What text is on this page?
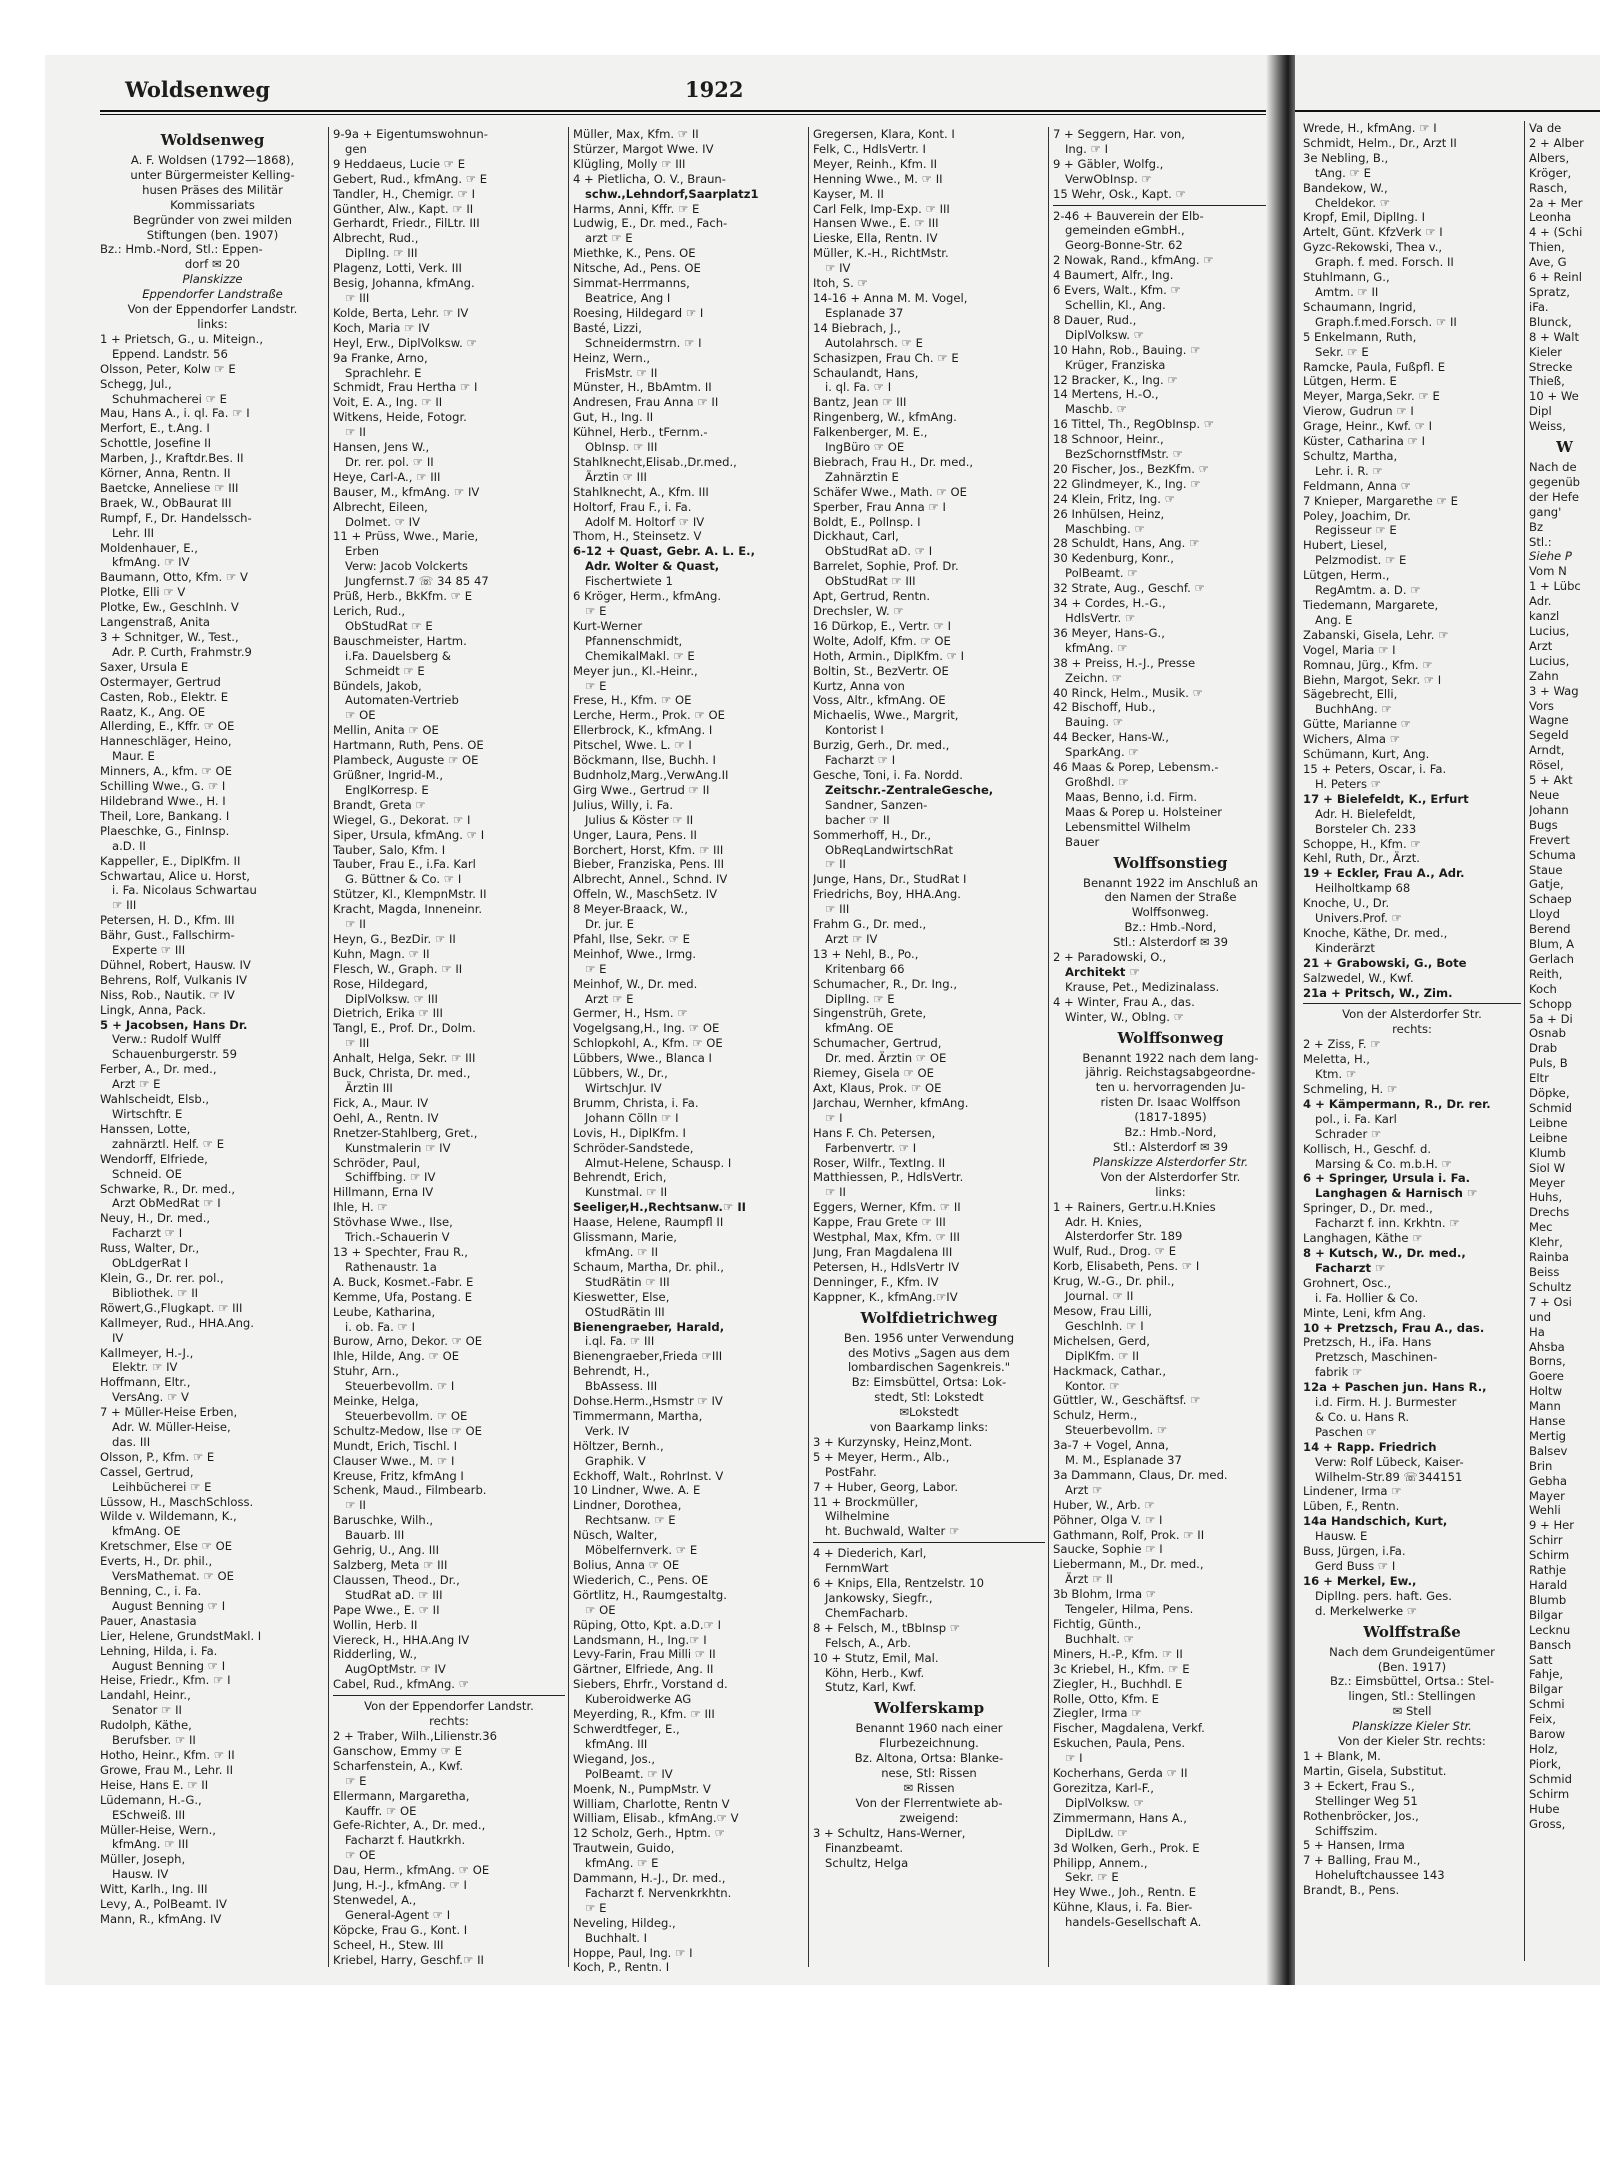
Woldsenweg	1922
Woldsenweg
A. F. Woldsen (1792—1868),
unter Bürgermeister Kelling-
husen Präses des Militär
Kommissariats
Begründer von zwei milden
Stiftungen (ben. 1907)
Bz.: Hmb.-Nord, Stl.: Eppen-
dorf ✉ 20
Planskizze
Eppendorfer Landstraße
Von der Eppendorfer Landstr.
links:
1 + Prietsch, G., u. Miteign.,
Eppend. Landstr. 56
Olsson, Peter, Kolw ☞ E
Schegg, Jul.,
Schuhmacherei ☞ E
Mau, Hans A., i. ql. Fa. ☞ I
Merfort, E., t.Ang. I
Schottle, Josefine II
Marben, J., Kraftdr.Bes. II
Körner, Anna, Rentn. II
Baetcke, Anneliese ☞ III
Braek, W., ObBaurat III
Rumpf, F., Dr. Handelssch-
Lehr. III
Moldenhauer, E.,
kfmAng. ☞ IV
Baumann, Otto, Kfm. ☞ V
Plotke, Elli ☞ V
Plotke, Ew., GeschInh. V
Langenstraß, Anita
3 + Schnitger, W., Test.,
Adr. P. Curth, Frahmstr.9
Saxer, Ursula E
Ostermayer, Gertrud
Casten, Rob., Elektr. E
Raatz, K., Ang. OE
Allerding, E., Kffr. ☞ OE
Hanneschläger, Heino,
Maur. E
Minners, A., kfm. ☞ OE
Schilling Wwe., G. ☞ I
Hildebrand Wwe., H. I
Theil, Lore, Bankang. I
Plaeschke, G., FinInsp.
a.D. II
Kappeller, E., DiplKfm. II
Schwartau, Alice u. Horst,
i. Fa. Nicolaus Schwartau
☞ III
Petersen, H. D., Kfm. III
Bähr, Gust., Fallschirm-
Experte ☞ III
Dühnel, Robert, Hausw. IV
Behrens, Rolf, Vulkanis IV
Niss, Rob., Nautik. ☞ IV
Lingk, Anna, Pack.
5 + Jacobsen, Hans Dr.
Verw.: Rudolf Wulff
Schauenburgerstr. 59
Ferber, A., Dr. med.,
Arzt ☞ E
Wahlscheidt, Elsb.,
Wirtschftr. E
Hanssen, Lotte,
zahnärztl. Helf. ☞ E
Wendorff, Elfriede,
Schneid. OE
Schwarke, R., Dr. med.,
Arzt ObMedRat ☞ I
Neuy, H., Dr. med.,
Facharzt ☞ I
Russ, Walter, Dr.,
ObLdgerRat I
Klein, G., Dr. rer. pol.,
Bibliothek. ☞ II
Röwert,G.,Flugkapt. ☞ III
Kallmeyer, Rud., HHA.Ang.
IV
Kallmeyer, H.-J.,
Elektr. ☞ IV
Hoffmann, Eltr.,
VersAng. ☞ V
7 + Müller-Heise Erben,
Adr. W. Müller-Heise,
das. III
Olsson, P., Kfm. ☞ E
Cassel, Gertrud,
Leihbücherei ☞ E
Lüssow, H., MaschSchloss.
Wilde v. Wildemann, K.,
kfmAng. OE
Kretschmer, Else ☞ OE
Everts, H., Dr. phil.,
VersMathemat. ☞ OE
Benning, C., i. Fa.
August Benning ☞ I
Pauer, Anastasia
Lier, Helene, GrundstMakl. I
Lehning, Hilda, i. Fa.
August Benning ☞ I
Heise, Friedr., Kfm. ☞ I
Landahl, Heinr.,
Senator ☞ II
Rudolph, Käthe,
Berufsber. ☞ II
Hotho, Heinr., Kfm. ☞ II
Growe, Frau M., Lehr. II
Heise, Hans E. ☞ II
Lüdemann, H.-G.,
ESchweiß. III
Müller-Heise, Wern.,
kfmAng. ☞ III
Müller, Joseph,
Hausw. IV
Witt, Karlh., Ing. III
Levy, A., PolBeamt. IV
Mann, R., kfmAng. IV
9-9a + Eigentumswohnun-
gen
9 Heddaeus, Lucie ☞ E
Gebert, Rud., kfmAng. ☞ E
Tandler, H., Chemigr. ☞ I
Günther, Alw., Kapt. ☞ II
Gerhardt, Friedr., FilLtr. III
Albrecht, Rud.,
DiplIng. ☞ III
Plagenz, Lotti, Verk. III
Besig, Johanna, kfmAng.
☞ III
Kolde, Berta, Lehr. ☞ IV
Koch, Maria ☞ IV
Heyl, Erw., DiplVolksw. ☞
9a Franke, Arno,
Sprachlehr. E
Schmidt, Frau Hertha ☞ I
Voit, E. A., Ing. ☞ II
Witkens, Heide, Fotogr.
☞ II
Hansen, Jens W.,
Dr. rer. pol. ☞ II
Heye, Carl-A., ☞ III
Bauser, M., kfmAng. ☞ IV
Albrecht, Eileen,
Dolmet. ☞ IV
11 + Prüss, Wwe., Marie,
Erben
Verw: Jacob Volckerts
Jungfernst.7 ☏ 34 85 47
Prüß, Herb., BkKfm. ☞ E
Lerich, Rud.,
ObStudRat ☞ E
Bauschmeister, Hartm.
i.Fa. Dauelsberg &
Schmeidt ☞ E
Bündels, Jakob,
Automaten-Vertrieb
☞ OE
Mellin, Anita ☞ OE
Hartmann, Ruth, Pens. OE
Plambeck, Auguste ☞ OE
Grüßner, Ingrid-M.,
EnglKorresp. E
Brandt, Greta ☞
Wiegel, G., Dekorat. ☞ I
Siper, Ursula, kfmAng. ☞ I
Tauber, Salo, Kfm. I
Tauber, Frau E., i.Fa. Karl
G. Büttner & Co. ☞ I
Stützer, Kl., KlempnMstr. II
Kracht, Magda, Inneneinr.
☞ II
Heyn, G., BezDir. ☞ II
Kuhn, Magn. ☞ II
Flesch, W., Graph. ☞ II
Rose, Hildegard,
DiplVolksw. ☞ III
Dietrich, Erika ☞ III
Tangl, E., Prof. Dr., Dolm.
☞ III
Anhalt, Helga, Sekr. ☞ III
Buck, Christa, Dr. med.,
Ärztin III
Fick, A., Maur. IV
Oehl, A., Rentn. IV
Rnetzer-Stahlberg, Gret.,
Kunstmalerin ☞ IV
Schröder, Paul,
Schiffbing. ☞ IV
Hillmann, Erna IV
Ihle, H. ☞
Stövhase Wwe., Ilse,
Trich.-Schauerin V
13 + Spechter, Frau R.,
Rathenaustr. 1a
A. Buck, Kosmet.-Fabr. E
Kemme, Ufa, Postang. E
Leube, Katharina,
i. ob. Fa. ☞ I
Burow, Arno, Dekor. ☞ OE
Ihle, Hilde, Ang. ☞ OE
Stuhr, Arn.,
Steuerbevollm. ☞ I
Meinke, Helga,
Steuerbevollm. ☞ OE
Schultz-Medow, Ilse ☞ OE
Mundt, Erich, Tischl. I
Clauser Wwe., M. ☞ I
Kreuse, Fritz, kfmAng I
Schenk, Maud., Filmbearb.
☞ II
Baruschke, Wilh.,
Bauarb. III
Gehrig, U., Ang. III
Salzberg, Meta ☞ III
Claussen, Theod., Dr.,
StudRat aD. ☞ III
Pape Wwe., E. ☞ II
Wollin, Herb. II
Viereck, H., HHA.Ang IV
Ridderling, W.,
AugOptMstr. ☞ IV
Cabel, Rud., kfmAng. ☞
Von der Eppendorfer Landstr.
rechts:
2 + Traber, Wilh.,Lilienstr.36
Ganschow, Emmy ☞ E
Scharfenstein, A., Kwf.
☞ E
Ellermann, Margaretha,
Kauffr. ☞ OE
Gefe-Richter, A., Dr. med.,
Facharzt f. Hautkrkh.
☞ OE
Dau, Herm., kfmAng. ☞ OE
Jung, H.-J., kfmAng. ☞ I
Stenwedel, A.,
General-Agent ☞ I
Köpcke, Frau G., Kont. I
Scheel, H., Stew. III
Kriebel, Harry, Geschf.☞ II
Müller, Max, Kfm. ☞ II
Stürzer, Margot Wwe. IV
Klügling, Molly ☞ III
4 + Pietlicha, O. V., Braun-
schw.,Lehndorf,Saarplatz1
Harms, Anni, Kffr. ☞ E
Ludwig, E., Dr. med., Fach-
arzt ☞ E
Miethke, K., Pens. OE
Nitsche, Ad., Pens. OE
Simmat-Herrmanns,
Beatrice, Ang I
Roesing, Hildegard ☞ I
Basté, Lizzi,
Schneidermstrn. ☞ I
Heinz, Wern.,
FrisMstr. ☞ II
Münster, H., BbAmtm. II
Andresen, Frau Anna ☞ II
Gut, H., Ing. II
Kühnel, Herb., tFernm.-
ObInsp. ☞ III
Stahlknecht,Elisab.,Dr.med.,
Ärztin ☞ III
Stahlknecht, A., Kfm. III
Holtorf, Frau F., i. Fa.
Adolf M. Holtorf ☞ IV
Thom, H., Steinsetz. V
6-12 + Quast, Gebr. A. L. E.,
Adr. Wolter & Quast,
Fischertwiete 1
6 Kröger, Herm., kfmAng.
☞ E
Kurt-Werner
Pfannenschmidt,
ChemikalMakl. ☞ E
Meyer jun., Kl.-Heinr.,
☞ E
Frese, H., Kfm. ☞ OE
Lerche, Herm., Prok. ☞ OE
Ellerbrock, K., kfmAng. I
Pitschel, Wwe. L. ☞ I
Böckmann, Ilse, Buchh. I
Budnholz,Marg.,VerwAng.II
Girg Wwe., Gertrud ☞ II
Julius, Willy, i. Fa.
Julius & Köster ☞ II
Unger, Laura, Pens. II
Borchert, Horst, Kfm. ☞ III
Bieber, Franziska, Pens. III
Albrecht, Annel., Schnd. IV
Offeln, W., MaschSetz. IV
8 Meyer-Braack, W.,
Dr. jur. E
Pfahl, Ilse, Sekr. ☞ E
Meinhof, Wwe., Irmg.
☞ E
Meinhof, W., Dr. med.
Arzt ☞ E
Germer, H., Hsm. ☞
Vogelgsang,H., Ing. ☞ OE
Schlopkohl, A., Kfm. ☞ OE
Lübbers, Wwe., Blanca I
Lübbers, W., Dr.,
WirtschJur. IV
Brumm, Christa, i. Fa.
Johann Cölln ☞ I
Lovis, H., DiplKfm. I
Schröder-Sandstede,
Almut-Helene, Schausp. I
Behrendt, Erich,
Kunstmal. ☞ II
Seeliger,H.,Rechtsanw.☞ II
Haase, Helene, Raumpfl II
Glissmann, Marie,
kfmAng. ☞ II
Schaum, Martha, Dr. phil.,
StudRätin ☞ III
Kieswetter, Else,
OStudRätin III
Bienengraeber, Harald,
i.ql. Fa. ☞ III
Bienengraeber,Frieda ☞III
Behrendt, H.,
BbAssess. III
Dohse.Herm.,Hsmstr ☞ IV
Timmermann, Martha,
Verk. IV
Höltzer, Bernh.,
Graphik. V
Eckhoff, Walt., RohrInst. V
10 Lindner, Wwe. A. E
Lindner, Dorothea,
Rechtsanw. ☞ E
Nüsch, Walter,
Möbelfernverk. ☞ E
Bolius, Anna ☞ OE
Wiederich, C., Pens. OE
Görtlitz, H., Raumgestaltg.
☞ OE
Rüping, Otto, Kpt. a.D.☞ I
Landsmann, H., Ing.☞ I
Levy-Farin, Frau Milli ☞ II
Gärtner, Elfriede, Ang. II
Siebers, Ehrfr., Vorstand d.
Kuberoidwerke AG
Meyerding, R., Kfm. ☞ III
Schwerdtfeger, E.,
kfmAng. III
Wiegand, Jos.,
PolBeamt. ☞ IV
Moenk, N., PumpMstr. V
William, Charlotte, Rentn V
William, Elisab., kfmAng.☞ V
12 Scholz, Gerh., Hptm. ☞
Trautwein, Guido,
kfmAng. ☞ E
Dammann, H.-J., Dr. med.,
Facharzt f. Nervenkrkhtn.
☞ E
Neveling, Hildeg.,
Buchhalt. I
Hoppe, Paul, Ing. ☞ I
Koch, P., Rentn. I
Gregersen, Klara, Kont. I
Felk, C., HdlsVertr. I
Meyer, Reinh., Kfm. II
Henning Wwe., M. ☞ II
Kayser, M. II
Carl Felk, Imp-Exp. ☞ III
Hansen Wwe., E. ☞ III
Lieske, Ella, Rentn. IV
Müller, K.-H., RichtMstr.
☞ IV
Itoh, S. ☞
14-16 + Anna M. M. Vogel,
Esplanade 37
14 Biebrach, J.,
Autolahrsch. ☞ E
Schasizpen, Frau Ch. ☞ E
Schaulandt, Hans,
i. ql. Fa. ☞ I
Bantz, Jean ☞ III
Ringenberg, W., kfmAng.
Falkenberger, M. E.,
IngBüro ☞ OE
Biebrach, Frau H., Dr. med.,
Zahnärztin E
Schäfer Wwe., Math. ☞ OE
Sperber, Frau Anna ☞ I
Boldt, E., Pollnsp. I
Dickhaut, Carl,
ObStudRat aD. ☞ I
Barrelet, Sophie, Prof. Dr.
ObStudRat ☞ III
Apt, Gertrud, Rentn.
Drechsler, W. ☞
16 Dürkop, E., Vertr. ☞ I
Wolte, Adolf, Kfm. ☞ OE
Hoth, Armin., DiplKfm. ☞ I
Boltin, St., BezVertr. OE
Kurtz, Anna von
Voss, Altr., kfmAng. OE
Michaelis, Wwe., Margrit,
Kontorist I
Burzig, Gerh., Dr. med.,
Facharzt ☞ I
Gesche, Toni, i. Fa. Nordd.
Zeitschr.-ZentraleGesche,
Sandner, Sanzen-
bacher ☞ II
Sommerhoff, H., Dr.,
ObReqLandwirtschRat
☞ II
Junge, Hans, Dr., StudRat I
Friedrichs, Boy, HHA.Ang.
☞ III
Frahm G., Dr. med.,
Arzt ☞ IV
13 + Nehl, B., Po.,
Kritenbarg 66
Schumacher, R., Dr. Ing.,
DiplIng. ☞ E
Singenstrüh, Grete,
kfmAng. OE
Schumacher, Gertrud,
Dr. med. Ärztin ☞ OE
Riemey, Gisela ☞ OE
Axt, Klaus, Prok. ☞ OE
Jarchau, Wernher, kfmAng.
☞ I
Hans F. Ch. Petersen,
Farbenvertr. ☞ I
Roser, Wilfr., TextIng. II
Matthiessen, P., HdlsVertr.
☞ II
Eggers, Werner, Kfm. ☞ II
Kappe, Frau Grete ☞ III
Westphal, Max, Kfm. ☞ III
Jung, Fran Magdalena III
Petersen, H., HdlsVertr IV
Denninger, F., Kfm. IV
Kappner, K., kfmAng.☞IV
Wolfdietrichweg
Ben. 1956 unter Verwendung
des Motivs „Sagen aus dem
lombardischen Sagenkreis."
Bz: Eimsbüttel, Ortsa: Lok-
stedt, Stl: Lokstedt
✉Lokstedt
von Baarkamp links:
3 + Kurzynsky, Heinz,Mont.
5 + Meyer, Herm., Alb.,
PostFahr.
7 + Huber, Georg, Labor.
11 + Brockmüller,
Wilhelmine
ht. Buchwald, Walter ☞
4 + Diederich, Karl,
FernmWart
6 + Knips, Ella, Rentzelstr. 10
Jankowsky, Siegfr.,
ChemFacharb.
8 + Felsch, M., tBbInsp ☞
Felsch, A., Arb.
10 + Stutz, Emil, Mal.
Köhn, Herb., Kwf.
Stutz, Karl, Kwf.
Wolferskamp
Benannt 1960 nach einer
Flurbezeichnung.
Bz. Altona, Ortsa: Blanke-
nese, Stl: Rissen
✉ Rissen
Von der Flerrentwiete ab-
zweigend:
3 + Schultz, Hans-Werner,
Finanzbeamt.
Schultz, Helga
7 + Seggern, Har. von,
Ing. ☞ I
9 + Gäbler, Wolfg.,
VerwObInsp. ☞
15 Wehr, Osk., Kapt. ☞
2-46 + Bauverein der Elb-
gemeinden eGmbH.,
Georg-Bonne-Str. 62
2 Nowak, Rand., kfmAng. ☞
4 Baumert, Alfr., Ing.
6 Evers, Walt., Kfm. ☞
Schellin, Kl., Ang.
8 Dauer, Rud.,
DiplVolksw. ☞
10 Hahn, Rob., Bauing. ☞
Krüger, Franziska
12 Bracker, K., Ing. ☞
14 Mertens, H.-O.,
Maschb. ☞
16 Tittel, Th., RegObInsp. ☞
18 Schnoor, Heinr.,
BezSchornstfMstr. ☞
20 Fischer, Jos., BezKfm. ☞
22 Glindmeyer, K., Ing. ☞
24 Klein, Fritz, Ing. ☞
26 Inhülsen, Heinz,
Maschbing. ☞
28 Schuldt, Hans, Ang. ☞
30 Kedenburg, Konr.,
PolBeamt. ☞
32 Strate, Aug., Geschf. ☞
34 + Cordes, H.-G.,
HdlsVertr. ☞
36 Meyer, Hans-G.,
kfmAng. ☞
38 + Preiss, H.-J., Presse
Zeichn. ☞
40 Rinck, Helm., Musik. ☞
42 Bischoff, Hub.,
Bauing. ☞
44 Becker, Hans-W.,
SparkAng. ☞
46 Maas & Porep, Lebensm.-
Großhdl. ☞
Maas, Benno, i.d. Firm.
Maas & Porep u. Holsteiner
Lebensmittel Wilhelm
Bauer
Wolffsonstieg
Benannt 1922 im Anschluß an
den Namen der Straße
Wolffsonweg.
Bz.: Hmb.-Nord,
Stl.: Alsterdorf ✉ 39
2 + Paradowski, O.,
Architekt ☞
Krause, Pet., Medizinalass.
4 + Winter, Frau A., das.
Winter, W., Oblng. ☞
Wolffsonweg
Benannt 1922 nach dem lang-
jährig. Reichstagsabgeordne-
ten u. hervorragenden Ju-
risten Dr. Isaac Wolffson
(1817-1895)
Bz.: Hmb.-Nord,
Stl.: Alsterdorf ✉ 39
Planskizze Alsterdorfer Str.
Von der Alsterdorfer Str.
links:
1 + Rainers, Gertr.u.H.Knies
Adr. H. Knies,
Alsterdorfer Str. 189
Wulf, Rud., Drog. ☞ E
Korb, Elisabeth, Pens. ☞ I
Krug, W.-G., Dr. phil.,
Journal. ☞ II
Mesow, Frau Lilli,
Geschlnh. ☞ I
Michelsen, Gerd,
DiplKfm. ☞ II
Hackmack, Cathar.,
Kontor. ☞
Güttler, W., Geschäftsf. ☞
Schulz, Herm.,
Steuerbevollm. ☞
3a-7 + Vogel, Anna,
M. M., Esplanade 37
3a Dammann, Claus, Dr. med.
Arzt ☞
Huber, W., Arb. ☞
Pöhner, Olga V. ☞ I
Gathmann, Rolf, Prok. ☞ II
Saucke, Sophie ☞ I
Liebermann, M., Dr. med.,
Ärzt ☞ II
3b Blohm, Irma ☞
Tengeler, Hilma, Pens.
Fichtig, Günth.,
Buchhalt. ☞
Miners, H.-P., Kfm. ☞ II
3c Kriebel, H., Kfm. ☞ E
Ziegler, H., Buchhdl. E
Rolle, Otto, Kfm. E
Ziegler, Irma ☞
Fischer, Magdalena, Verkf.
Eskuchen, Paula, Pens.
☞ I
Kocherhans, Gerda ☞ II
Gorezitza, Karl-F.,
DiplVolksw. ☞
Zimmermann, Hans A.,
DiplLdw. ☞
3d Wolken, Gerh., Prok. E
Philipp, Annem.,
Sekr. ☞ E
Hey Wwe., Joh., Rentn. E
Kühne, Klaus, i. Fa. Bier-
handels-Gesellschaft A.
Wrede, H., kfmAng. ☞ I
Schmidt, Helm., Dr., Arzt II
3e Nebling, B.,
tAng. ☞ E
Bandekow, W.,
Cheldekor. ☞
Kropf, Emil, DiplIng. I
Artelt, Günt. KfzVerk ☞ I
Gyzc-Rekowski, Thea v.,
Graph. f. med. Forsch. II
Stuhlmann, G.,
Amtm. ☞ II
Schaumann, Ingrid,
Graph.f.med.Forsch. ☞ II
5 Enkelmann, Ruth,
Sekr. ☞ E
Ramcke, Paula, Fußpfl. E
Lütgen, Herm. E
Meyer, Marga,Sekr. ☞ E
Vierow, Gudrun ☞ I
Grage, Heinr., Kwf. ☞ I
Küster, Catharina ☞ I
Schultz, Martha,
Lehr. i. R. ☞
Feldmann, Anna ☞
7 Knieper, Margarethe ☞ E
Poley, Joachim, Dr.
Regisseur ☞ E
Hubert, Liesel,
Pelzmodist. ☞ E
Lütgen, Herm.,
RegAmtm. a. D. ☞
Tiedemann, Margarete,
Ang. E
Zabanski, Gisela, Lehr. ☞
Vogel, Maria ☞ I
Romnau, Jürg., Kfm. ☞
Biehn, Margot, Sekr. ☞ I
Sägebrecht, Elli,
BuchhAng. ☞
Gütte, Marianne ☞
Wichers, Alma ☞
Schümann, Kurt, Ang.
15 + Peters, Oscar, i. Fa.
H. Peters ☞
17 + Bielefeldt, K., Erfurt
Adr. H. Bielefeldt,
Borsteler Ch. 233
Schoppe, H., Kfm. ☞
Kehl, Ruth, Dr., Ärzt.
19 + Eckler, Frau A., Adr.
Heilholtkamp 68
Knoche, U., Dr.
Univers.Prof. ☞
Knoche, Käthe, Dr. med.,
Kinderärzt
21 + Grabowski, G., Bote
Salzwedel, W., Kwf.
21a + Pritsch, W., Zim.
Von der Alsterdorfer Str.
rechts:
2 + Ziss, F. ☞
Meletta, H.,
Ktm. ☞
Schmeling, H. ☞
4 + Kämpermann, R., Dr. rer.
pol., i. Fa. Karl
Schrader ☞
Kollisch, H., Geschf. d.
Marsing & Co. m.b.H. ☞
6 + Springer, Ursula i. Fa.
Langhagen & Harnisch ☞
Springer, D., Dr. med.,
Facharzt f. inn. Krkhtn. ☞
Langhagen, Käthe ☞
8 + Kutsch, W., Dr. med.,
Facharzt ☞
Grohnert, Osc.,
i. Fa. Hollier & Co.
Minte, Leni, kfm Ang.
10 + Pretzsch, Frau A., das.
Pretzsch, H., iFa. Hans
Pretzsch, Maschinen-
fabrik ☞
12a + Paschen jun. Hans R.,
i.d. Firm. H. J. Burmester
& Co. u. Hans R.
Paschen ☞
14 + Rapp. Friedrich
Verw: Rolf Lübeck, Kaiser-
Wilhelm-Str.89 ☏344151
Lindener, Irma ☞
Lüben, F., Rentn.
14a Handschich, Kurt,
Hausw. E
Buss, Jürgen, i.Fa.
Gerd Buss ☞ I
16 + Merkel, Ew.,
DiplIng. pers. haft. Ges.
d. Merkelwerke ☞
Wolffstraße
Nach dem Grundeigentümer
(Ben. 1917)
Bz.: Eimsbüttel, Ortsa.: Stel-
lingen, Stl.: Stellingen
✉ Stell
Planskizze Kieler Str.
Von der Kieler Str. rechts:
1 + Blank, M.
Martin, Gisela, Substitut.
3 + Eckert, Frau S.,
Stellinger Weg 51
Rothenbröcker, Jos.,
Schiffszim.
5 + Hansen, Irma
7 + Balling, Frau M.,
Hoheluftchaussee 143
Brandt, B., Pens.
Va de
2 + Alber
Albers,
Kröger,
Rasch,
2a + Mer
Leonha
4 + (Schi
Thien,
Ave, G
6 + Reinl
Spratz,
iFa.
Blunck,
8 + Walt
Kieler
Strecke
Thieß,
10 + We
Dipl
Weiss,
W
Nach de
gegenüb
der Hefe
gang'
Bz
Stl.:
Siehe P
Vom N
1 + Lübc
Adr.
kanzl
Lucius,
Arzt
Lucius,
Zahn
3 + Wag
Vors
Wagne
Segeld
Arndt,
Rösel,
5 + Akt
Neue
Johann
Bugs
Frevert
Schuma
Staue
Gatje,
Schaep
Lloyd
Berend
Blum, A
Gerlach
Reith,
Koch
Schopp
5a + Di
Osnab
Drab
Puls, B
Eltr
Döpke,
Schmid
Leibne
Leibne
Klumb
Siol W
Meyer
Huhs,
Drechs
Mec
Klehr,
Rainba
Beiss
Schultz
7 + Osi
und
Ha
Ahsba
Borns,
Goere
Holtw
Mann
Hanse
Mertig
Balsev
Brin
Gebha
Mayer
Wehli
9 + Her
Schirr
Schirm
Rathje
Harald
Blumb
Bilgar
Lecknu
Bansch
Satt
Fahje,
Bilgar
Schmi
Feix,
Barow
Holz,
Piork,
Schmid
Schirm
Hube
Gross,
